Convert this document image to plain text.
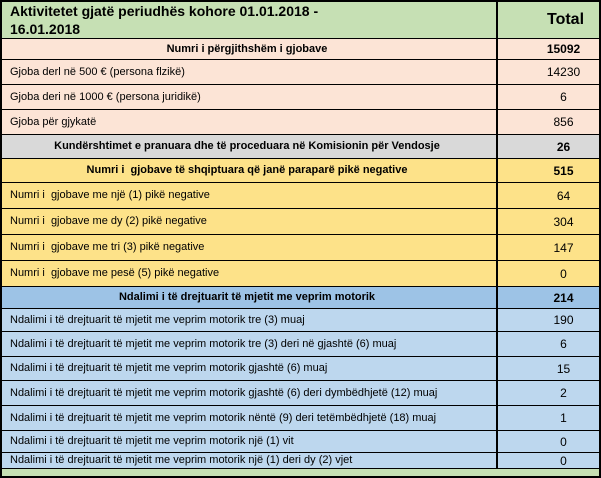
Aktivitetet gjatë periudhës kohore 01.01.2018 -
16.01.2018
Total
Numri i përgjithshëm i gjobave	15092
Gjoba derl në 500 € (persona flzikë)	14230
Gjoba deri në 1000 € (persona juridikë)	6
Gjoba për gjykatë	856
Kundërshtimet e pranuara dhe të proceduara në Komisionin për Vendosje	26
Numri i  gjobave të shqiptuara që janë paraparë pikë negative	515
Numri i  gjobave me një (1) pikë negative	64
Numri i  gjobave me dy (2) pikë negative	304
Numri i  gjobave me tri (3) pikë negative	147
Numri i  gjobave me pesë (5) pikë negative	0
Ndalimi i të drejtuarit të mjetit me veprim motorik	214
Ndalimi i të drejtuarit të mjetit me veprim motorik tre (3) muaj	190
Ndalimi i të drejtuarit të mjetit me veprim motorik tre (3) deri në gjashtë (6) muaj	6
Ndalimi i të drejtuarit të mjetit me veprim motorik gjashtë (6) muaj	15
Ndalimi i të drejtuarit të mjetit me veprim motorik gjashtë (6) deri dymbëdhjetë (12) muaj	2
Ndalimi i të drejtuarit të mjetit me veprim motorik nëntë (9) deri tetëmbëdhjetë (18) muaj	1
Ndalimi i të drejtuarit të mjetit me veprim motorik një (1) vit	0
Ndalimi i të drejtuarit të mjetit me veprim motorik një (1) deri dy (2) vjet	0
